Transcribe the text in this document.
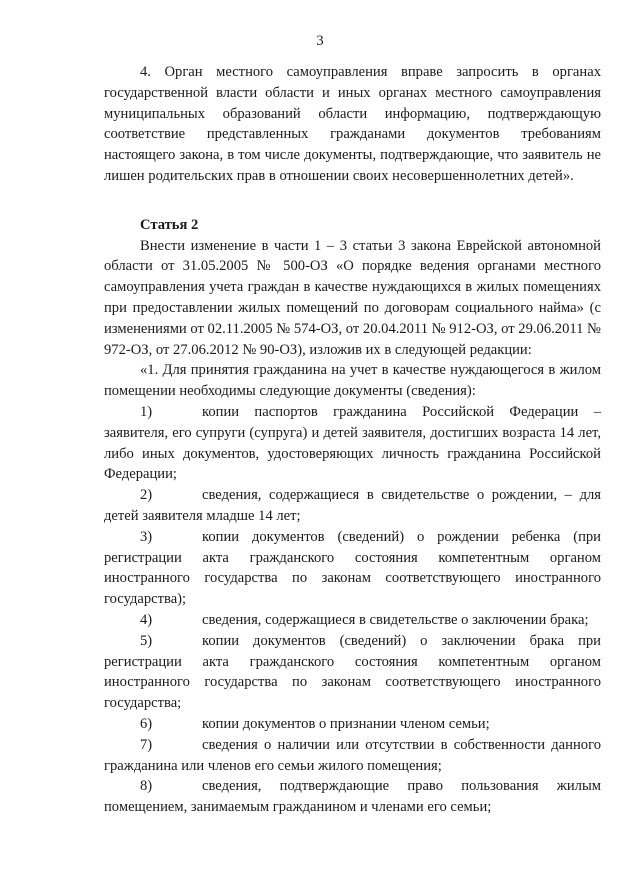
3

4. Орган местного самоуправления вправе запросить в органах государственной власти области и иных органах местного самоуправления муниципальных образований области информацию, подтверждающую соответствие представленных гражданами документов требованиям настоящего закона, в том числе документы, подтверждающие, что заявитель не лишен родительских прав в отношении своих несовершеннолетних детей».

Статья 2

Внести изменение в части 1 – 3 статьи 3 закона Еврейской автономной области от 31.05.2005 № 500-ОЗ «О порядке ведения органами местного самоуправления учета граждан в качестве нуждающихся в жилых помещениях при предоставлении жилых помещений по договорам социального найма» (с изменениями от 02.11.2005 № 574-ОЗ, от 20.04.2011 № 912-ОЗ, от 29.06.2011 № 972-ОЗ, от 27.06.2012 № 90-ОЗ), изложив их в следующей редакции:

«1. Для принятия гражданина на учет в качестве нуждающегося в жилом помещении необходимы следующие документы (сведения):

1)	копии паспортов гражданина Российской Федерации – заявителя, его супруги (супруга) и детей заявителя, достигших возраста 14 лет, либо иных документов, удостоверяющих личность гражданина Российской Федерации;

2)	сведения, содержащиеся в свидетельстве о рождении, – для детей заявителя младше 14 лет;

3)	копии документов (сведений) о рождении ребенка (при регистрации акта гражданского состояния компетентным органом иностранного государства по законам соответствующего иностранного государства);

4)	сведения, содержащиеся в свидетельстве о заключении брака;

5)	копии документов (сведений) о заключении брака при регистрации акта гражданского состояния компетентным органом иностранного государства по законам соответствующего иностранного государства;

6)	копии документов о признании членом семьи;

7)	сведения о наличии или отсутствии в собственности данного гражданина или членов его семьи жилого помещения;

8)	сведения, подтверждающие право пользования жилым помещением, занимаемым гражданином и членами его семьи;
